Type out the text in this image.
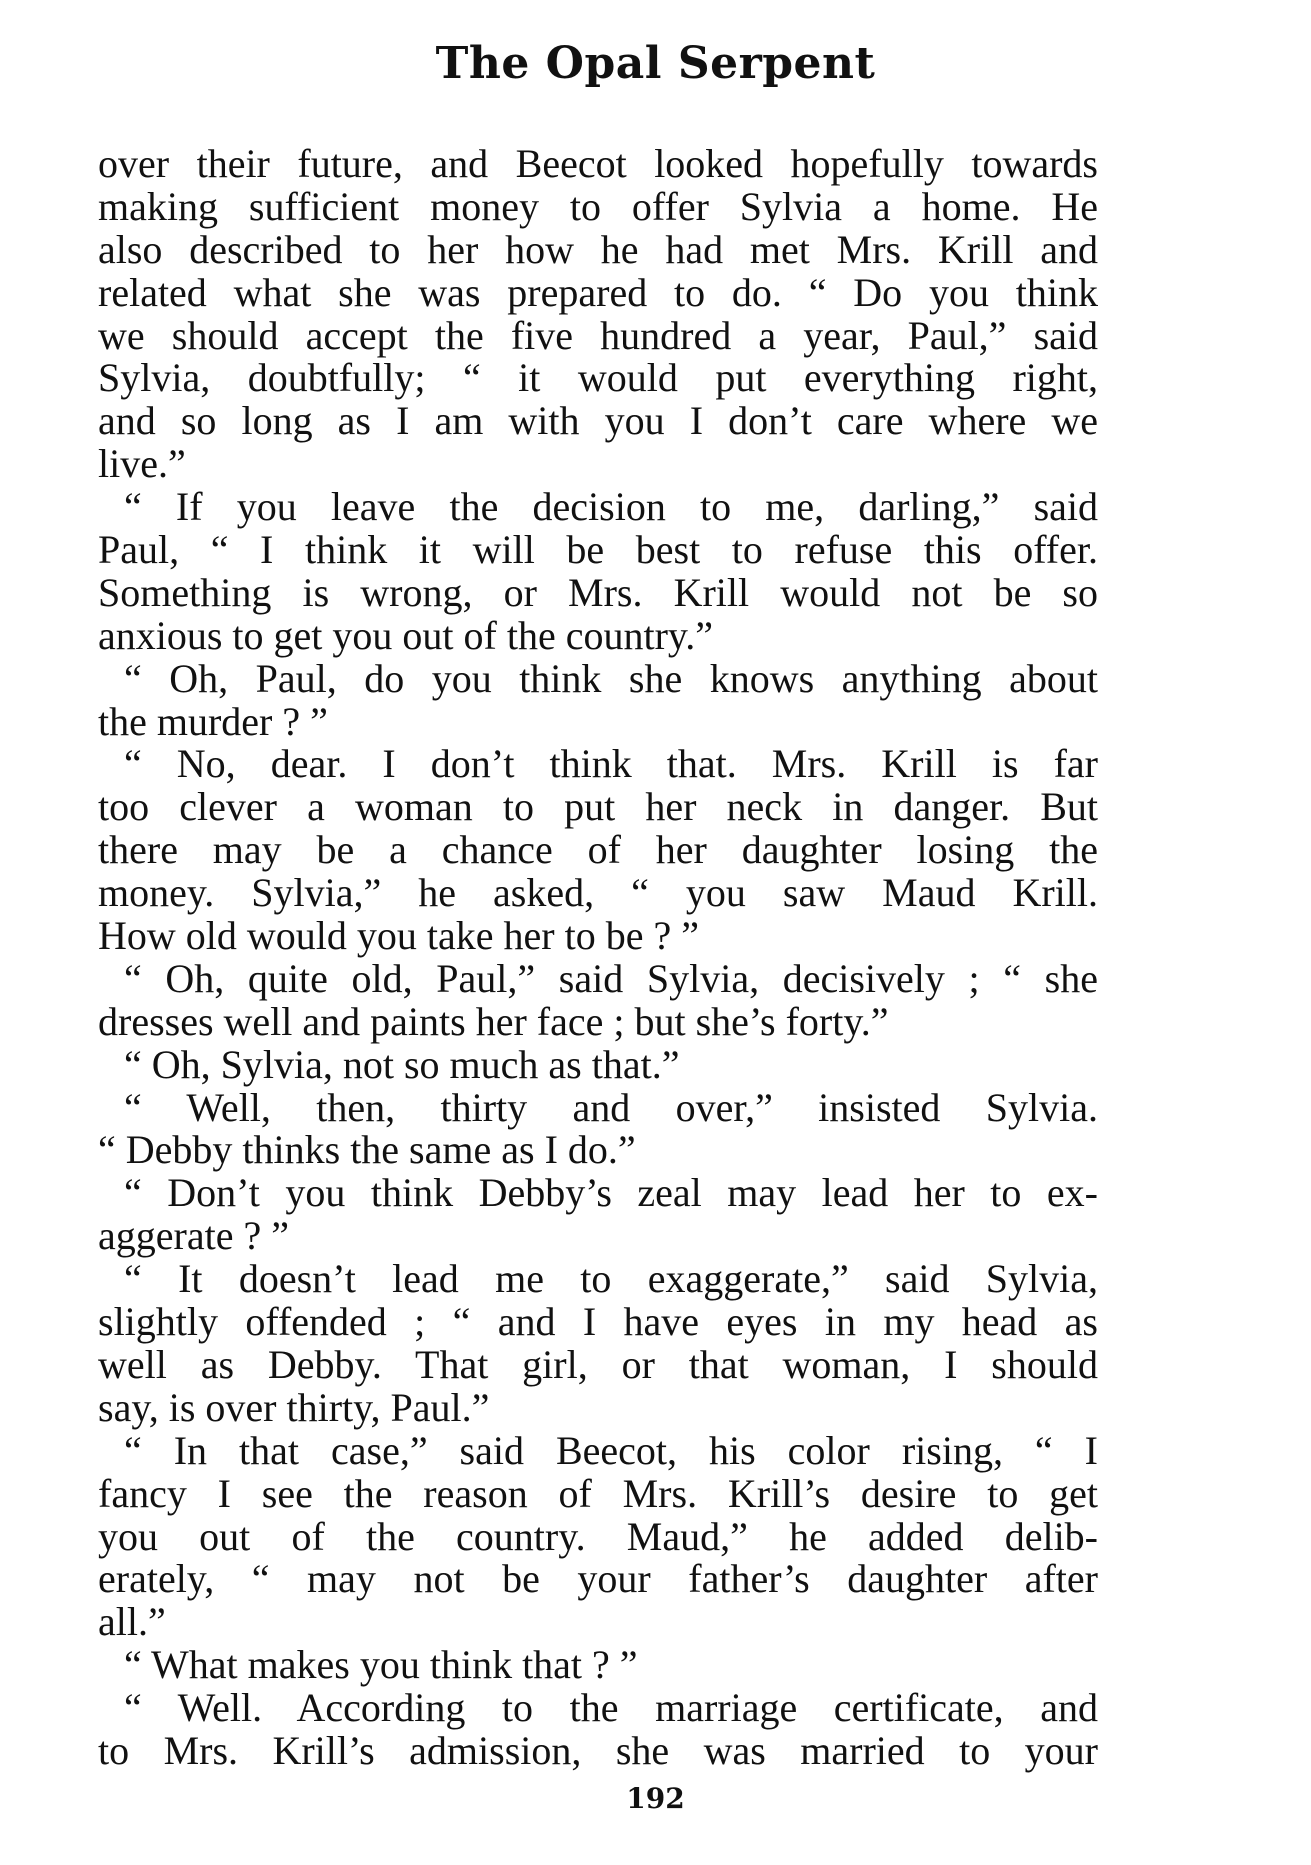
The Opal Serpent
over their future, and Beecot looked hopefully towards
making sufficient money to offer Sylvia a home. He
also described to her how he had met Mrs. Krill and
related what she was prepared to do. “ Do you think
we should accept the five hundred a year, Paul,” said
Sylvia, doubtfully; “ it would put everything right,
and so long as I am with you I don’t care where we
live.”
“ If you leave the decision to me, darling,” said
Paul, “ I think it will be best to refuse this offer.
Something is wrong, or Mrs. Krill would not be so
anxious to get you out of the country.”
“ Oh, Paul, do you think she knows anything about
the murder ? ”
“ No, dear. I don’t think that. Mrs. Krill is far
too clever a woman to put her neck in danger. But
there may be a chance of her daughter losing the
money. Sylvia,” he asked, “ you saw Maud Krill.
How old would you take her to be ? ”
“ Oh, quite old, Paul,” said Sylvia, decisively ; “ she
dresses well and paints her face ; but she’s forty.”
“ Oh, Sylvia, not so much as that.”
“ Well, then, thirty and over,” insisted Sylvia.
“ Debby thinks the same as I do.”
“ Don’t you think Debby’s zeal may lead her to ex-
aggerate ? ”
“ It doesn’t lead me to exaggerate,” said Sylvia,
slightly offended ; “ and I have eyes in my head as
well as Debby. That girl, or that woman, I should
say, is over thirty, Paul.”
“ In that case,” said Beecot, his color rising, “ I
fancy I see the reason of Mrs. Krill’s desire to get
you out of the country. Maud,” he added delib-
erately, “ may not be your father’s daughter after
all.”
“ What makes you think that ? ”
“ Well. According to the marriage certificate, and
to Mrs. Krill’s admission, she was married to your
192
